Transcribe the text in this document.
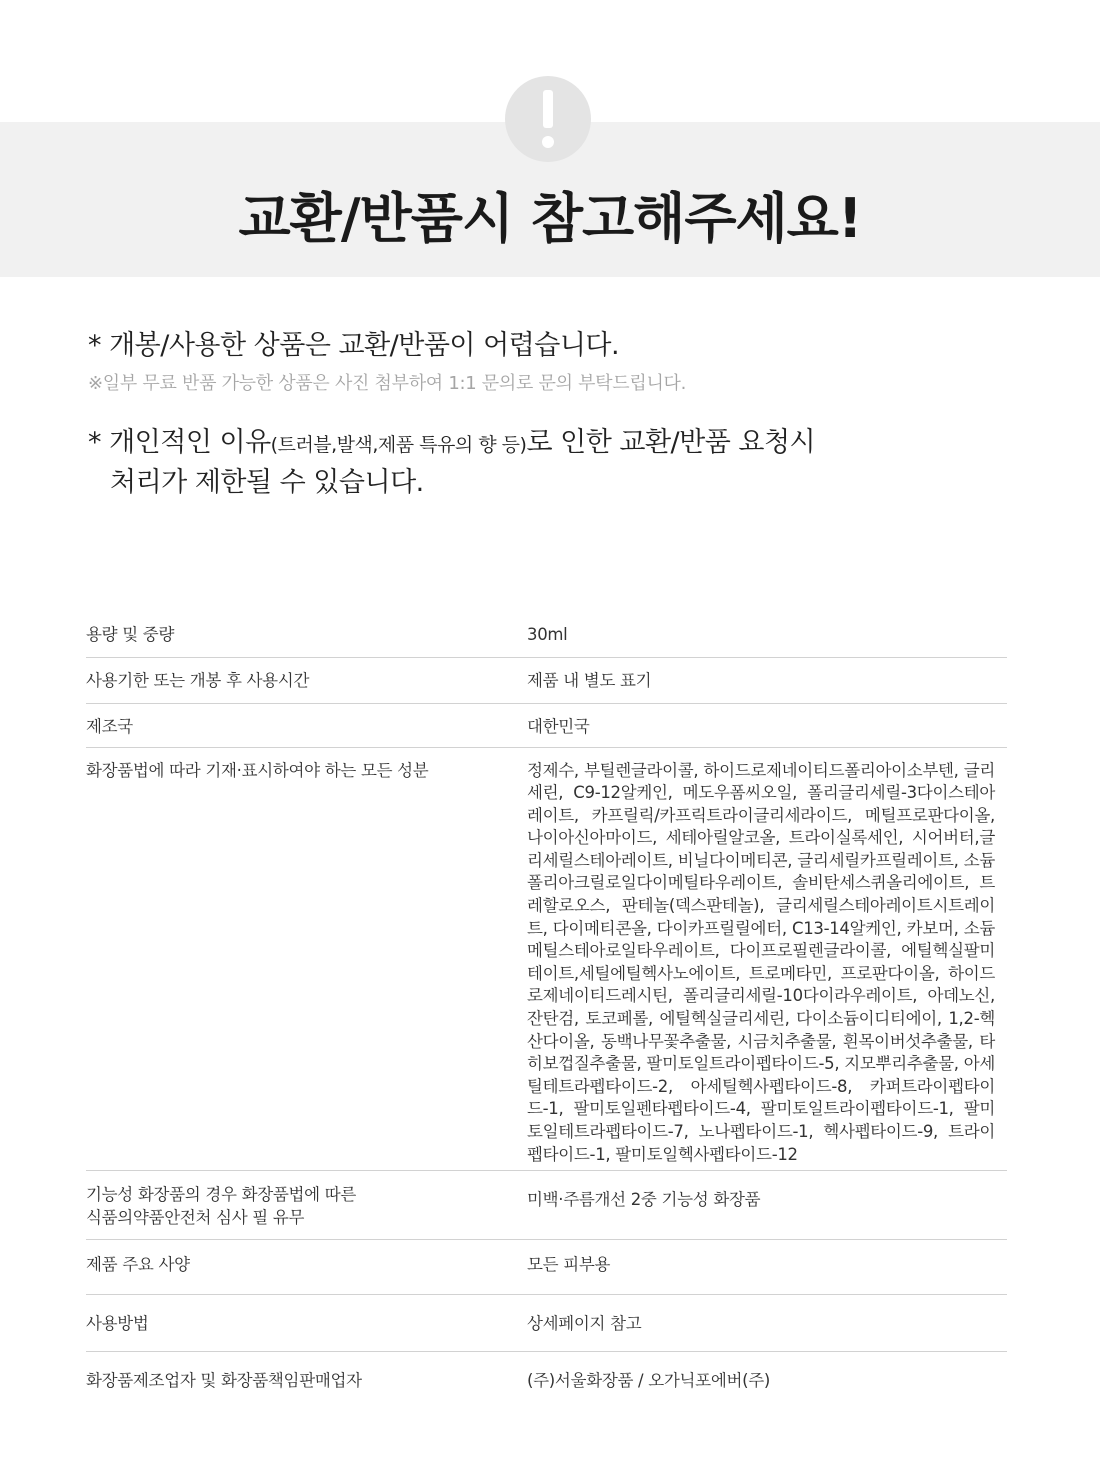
교환/반품시 참고해주세요!
* 개봉/사용한 상품은 교환/반품이 어렵습니다.
※일부 무료 반품 가능한 상품은 사진 첨부하여 1:1 문의로 문의 부탁드립니다.
* 개인적인 이유(트러블,발색,제품 특유의 향 등)로 인한 교환/반품 요청시
처리가 제한될 수 있습니다.
용량 및 중량	30ml

사용기한 또는 개봉 후 사용시간	제품 내 별도 표기

제조국	대한민국

화장품법에 따라 기재·표시하여야 하는 모든 성분	정제수, 부틸렌글라이콜, 하이드로제네이티드폴리아이소부텐, 글리세린, C9-12알케인, 메도우폼씨오일, 폴리글리세릴-3다이스테아레이트, 카프릴릭/카프릭트라이글리세라이드, 메틸프로판다이올, 나이아신아마이드, 세테아릴알코올, 트라이실록세인, 시어버터,글리세릴스테아레이트, 비닐다이메티콘, 글리세릴카프릴레이트, 소듐폴리아크릴로일다이메틸타우레이트, 솔비탄세스퀴올리에이트, 트레할로오스, 판테놀(덱스판테놀), 글리세릴스테아레이트시트레이트, 다이메티콘올, 다이카프릴릴에터, C13-14알케인, 카보머, 소듐메틸스테아로일타우레이트, 다이프로필렌글라이콜, 에틸헥실팔미테이트,세틸에틸헥사노에이트, 트로메타민, 프로판다이올, 하이드로제네이티드레시틴, 폴리글리세릴-10다이라우레이트, 아데노신, 잔탄검, 토코페롤, 에틸헥실글리세린, 다이소듐이디티에이, 1,2-헥산다이올, 동백나무꽃추출물, 시금치추출물, 흰목이버섯추출물, 타히보껍질추출물, 팔미토일트라이펩타이드-5, 지모뿌리추출물, 아세틸테트라펩타이드-2, 아세틸헥사펩타이드-8, 카퍼트라이펩타이드-1, 팔미토일펜타펩타이드-4, 팔미토일트라이펩타이드-1, 팔미토일테트라펩타이드-7, 노나펩타이드-1, 헥사펩타이드-9, 트라이펩타이드-1, 팔미토일헥사펩타이드-12

기능성 화장품의 경우 화장품법에 따른
식품의약품안전처 심사 필 유무	미백·주름개선 2중 기능성 화장품

제품 주요 사양	모든 피부용

사용방법	상세페이지 참고

화장품제조업자 및 화장품책임판매업자	(주)서울화장품 / 오가닉포에버(주)
